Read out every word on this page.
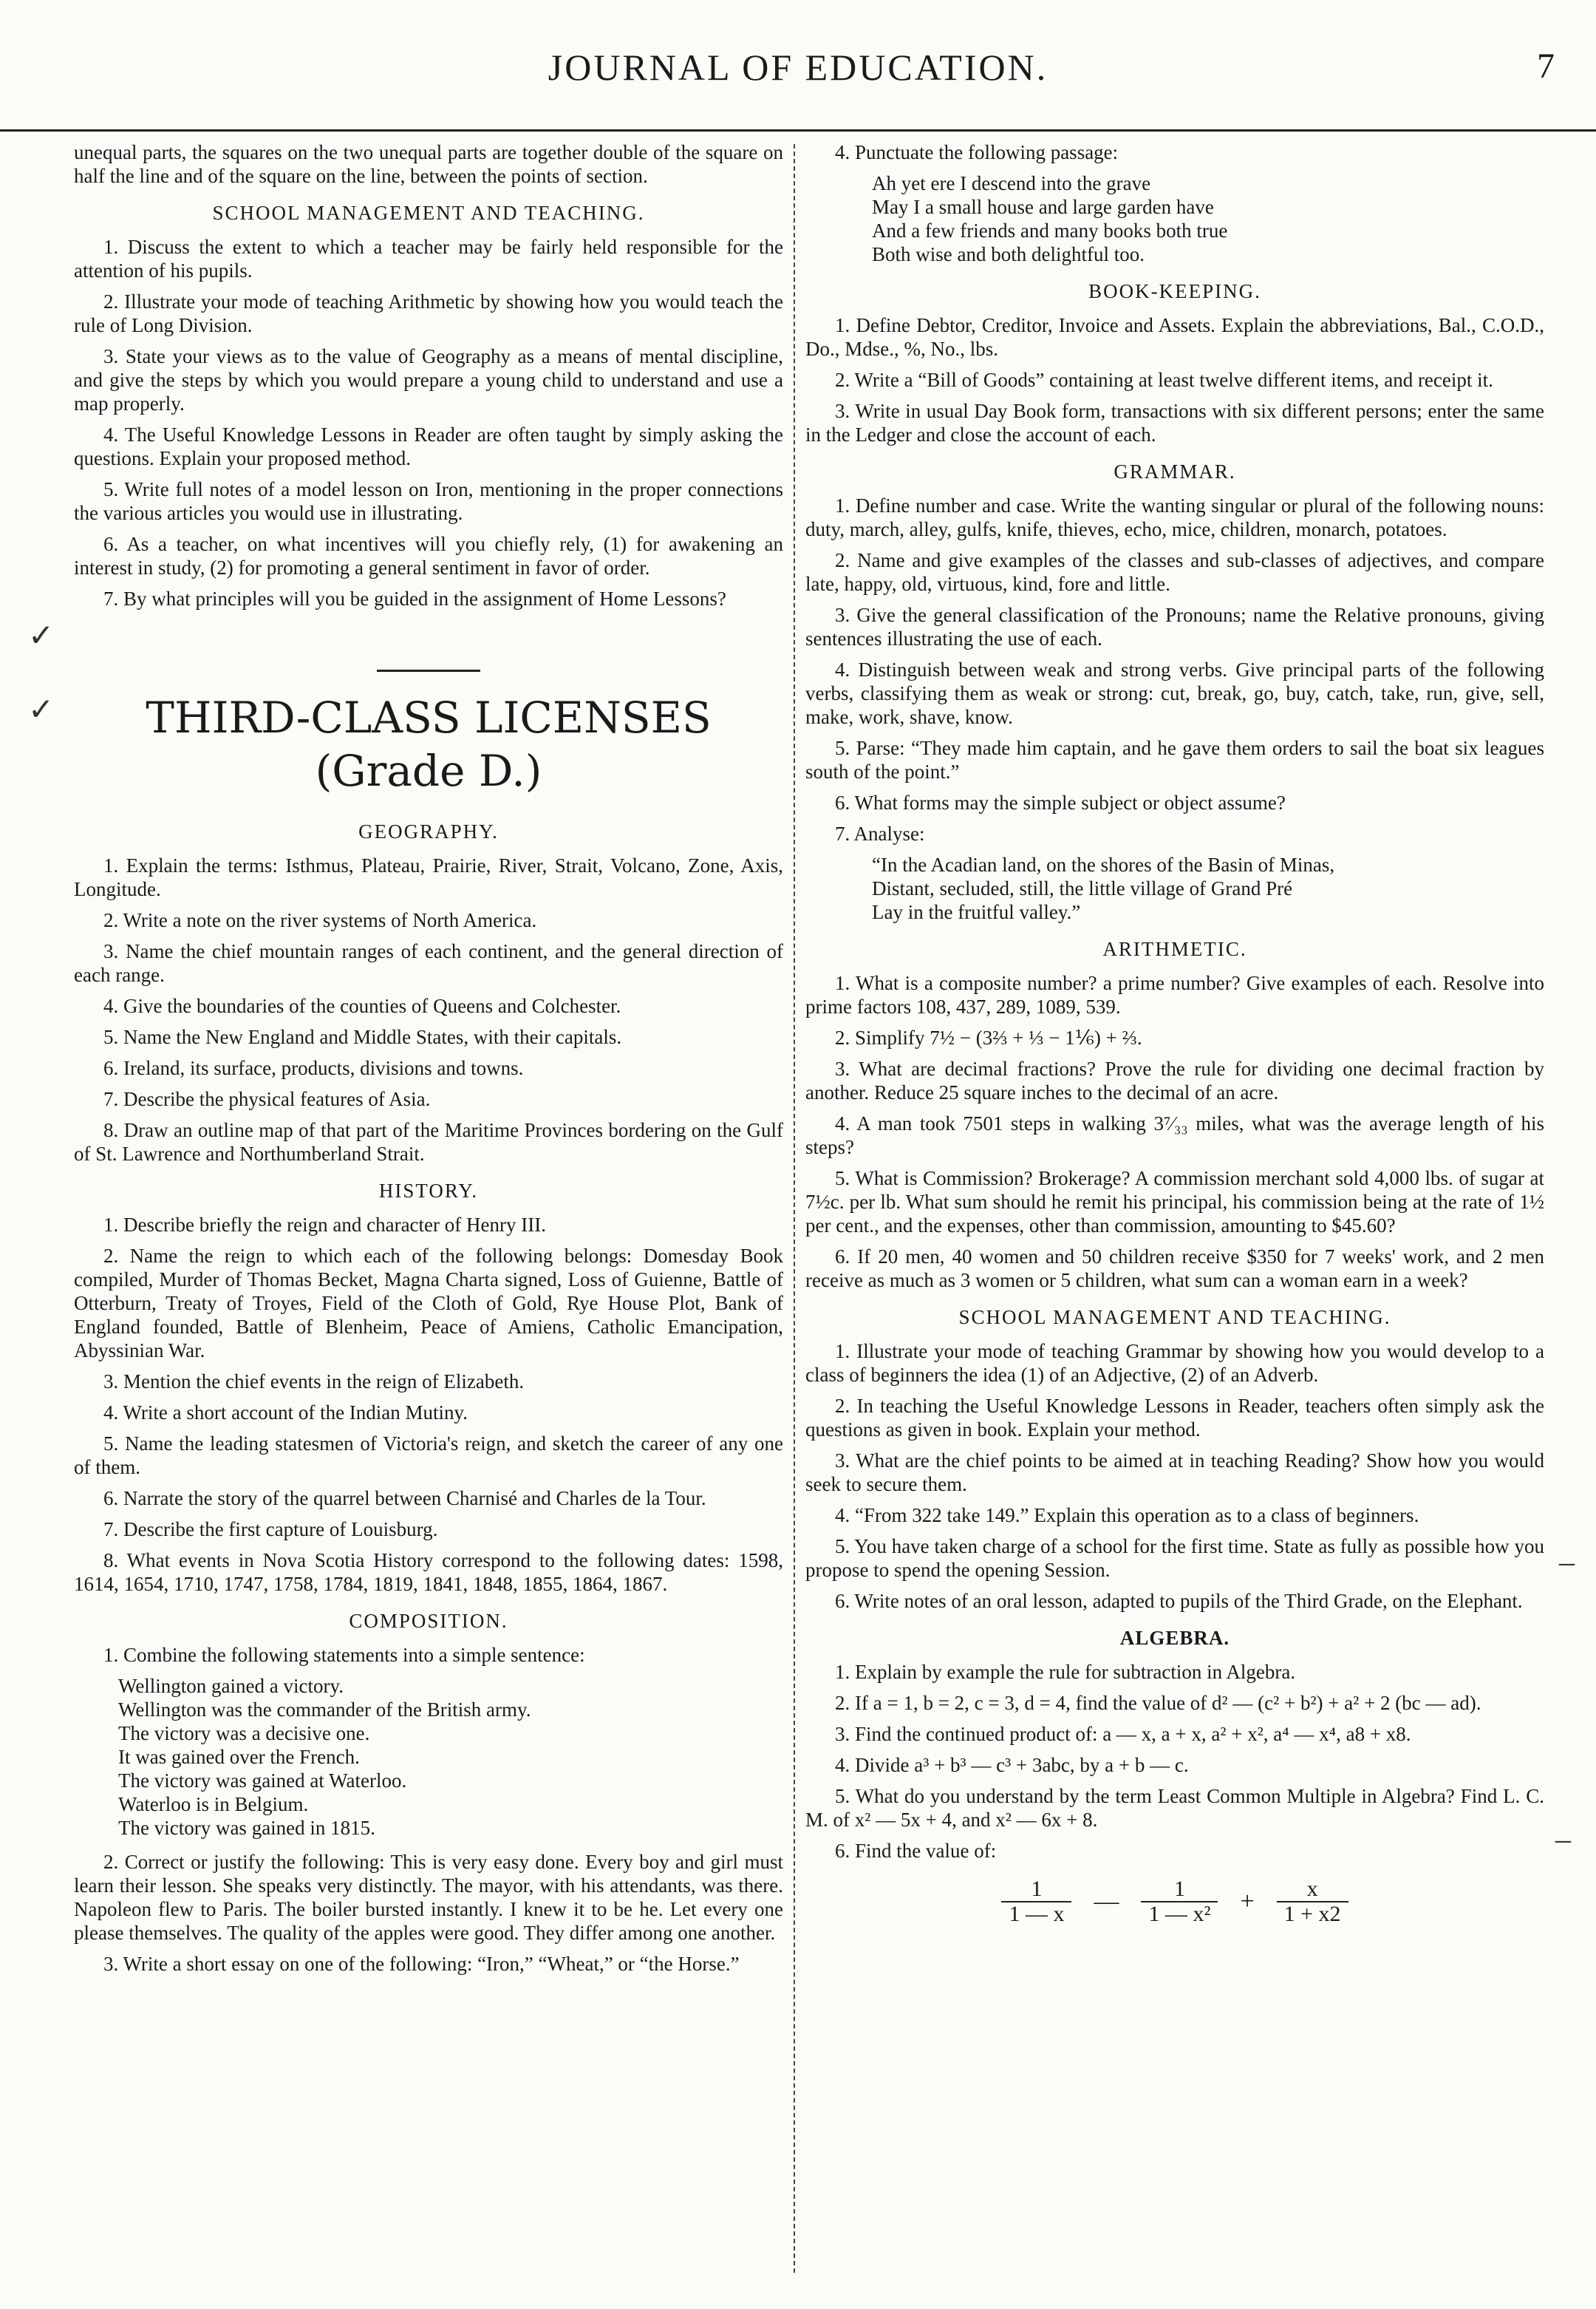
JOURNAL OF EDUCATION.	7

unequal parts, the squares on the two unequal parts are together double of the square on half the line and of the square on the line, between the points of section.

SCHOOL MANAGEMENT AND TEACHING.
1. Discuss the extent to which a teacher may be fairly held responsible for the attention of his pupils.
2. Illustrate your mode of teaching Arithmetic by showing how you would teach the rule of Long Division.
3. State your views as to the value of Geography as a means of mental discipline, and give the steps by which you would prepare a young child to understand and use a map properly.
4. The Useful Knowledge Lessons in Reader are often taught by simply asking the questions. Explain your proposed method.
5. Write full notes of a model lesson on Iron, mentioning in the proper connections the various articles you would use in illustrating.
6. As a teacher, on what incentives will you chiefly rely, (1) for awakening an interest in study, (2) for promoting a general sentiment in favor of order.
7. By what principles will you be guided in the assignment of Home Lessons?
THIRD-CLASS LICENSES (Grade D.)
GEOGRAPHY.
1. Explain the terms: Isthmus, Plateau, Prairie, River, Strait, Volcano, Zone, Axis, Longitude.
2. Write a note on the river systems of North America.
3. Name the chief mountain ranges of each continent, and the general direction of each range.
4. Give the boundaries of the counties of Queens and Colchester.
5. Name the New England and Middle States, with their capitals.
6. Ireland, its surface, products, divisions and towns.
7. Describe the physical features of Asia.
8. Draw an outline map of that part of the Maritime Provinces bordering on the Gulf of St. Lawrence and Northumberland Strait.
HISTORY.
1. Describe briefly the reign and character of Henry III.
2. Name the reign to which each of the following belongs: Domesday Book compiled, Murder of Thomas Becket, Magna Charta signed, Loss of Guienne, Battle of Otterburn, Treaty of Troyes, Field of the Cloth of Gold, Rye House Plot, Bank of England founded, Battle of Blenheim, Peace of Amiens, Catholic Emancipation, Abyssinian War.
3. Mention the chief events in the reign of Elizabeth.
4. Write a short account of the Indian Mutiny.
5. Name the leading statesmen of Victoria's reign, and sketch the career of any one of them.
6. Narrate the story of the quarrel between Charnisé and Charles de la Tour.
7. Describe the first capture of Louisburg.
8. What events in Nova Scotia History correspond to the following dates: 1598, 1614, 1654, 1710, 1747, 1758, 1784, 1819, 1841, 1848, 1855, 1864, 1867.
COMPOSITION.
1. Combine the following statements into a simple sentence:
Wellington gained a victory.
Wellington was the commander of the British army.
The victory was a decisive one.
It was gained over the French.
The victory was gained at Waterloo.
Waterloo is in Belgium.
The victory was gained in 1815.
2. Correct or justify the following: This is very easy done. Every boy and girl must learn their lesson. She speaks very distinctly. The mayor, with his attendants, was there. Napoleon flew to Paris. The boiler bursted instantly. I knew it to be he. Let every one please themselves. The quality of the apples were good. They differ among one another.
3. Write a short essay on one of the following: “Iron,” “Wheat,” or “the Horse.”
4. Punctuate the following passage:
Ah yet ere I descend into the grave
May I a small house and large garden have
And a few friends and many books both true
Both wise and both delightful too.
BOOK-KEEPING.
1. Define Debtor, Creditor, Invoice and Assets. Explain the abbreviations, Bal., C.O.D., Do., Mdse., %, No., lbs.
2. Write a “Bill of Goods” containing at least twelve different items, and receipt it.
3. Write in usual Day Book form, transactions with six different persons; enter the same in the Ledger and close the account of each.
GRAMMAR.
1. Define number and case. Write the wanting singular or plural of the following nouns: duty, march, alley, gulfs, knife, thieves, echo, mice, children, monarch, potatoes.
2. Name and give examples of the classes and sub-classes of adjectives, and compare late, happy, old, virtuous, kind, fore and little.
3. Give the general classification of the Pronouns; name the Relative pronouns, giving sentences illustrating the use of each.
4. Distinguish between weak and strong verbs. Give principal parts of the following verbs, classifying them as weak or strong: cut, break, go, buy, catch, take, run, give, sell, make, work, shave, know.
5. Parse: “They made him captain, and he gave them orders to sail the boat six leagues south of the point.”
6. What forms may the simple subject or object assume?
7. Analyse:
“In the Acadian land, on the shores of the Basin of Minas,
Distant, secluded, still, the little village of Grand Pré
Lay in the fruitful valley.”
ARITHMETIC.
1. What is a composite number? a prime number? Give examples of each. Resolve into prime factors 108, 437, 289, 1089, 539.
2. Simplify 7½ − (3⅔ + ⅓ − 1⅙) + ⅔.
3. What are decimal fractions? Prove the rule for dividing one decimal fraction by another. Reduce 25 square inches to the decimal of an acre.
4. A man took 7501 steps in walking 3⁷⁄₃₃ miles, what was the average length of his steps?
5. What is Commission? Brokerage? A commission merchant sold 4,000 lbs. of sugar at 7½c. per lb. What sum should he remit his principal, his commission being at the rate of 1½ per cent., and the expenses, other than commission, amounting to $45.60?
6. If 20 men, 40 women and 50 children receive $350 for 7 weeks' work, and 2 men receive as much as 3 women or 5 children, what sum can a woman earn in a week?
SCHOOL MANAGEMENT AND TEACHING.
1. Illustrate your mode of teaching Grammar by showing how you would develop to a class of beginners the idea (1) of an Adjective, (2) of an Adverb.
2. In teaching the Useful Knowledge Lessons in Reader, teachers often simply ask the questions as given in book. Explain your method.
3. What are the chief points to be aimed at in teaching Reading? Show how you would seek to secure them.
4. “From 322 take 149.” Explain this operation as to a class of beginners.
5. You have taken charge of a school for the first time. State as fully as possible how you propose to spend the opening Session.
6. Write notes of an oral lesson, adapted to pupils of the Third Grade, on the Elephant.
ALGEBRA.
1. Explain by example the rule for subtraction in Algebra.
2. If a = 1, b = 2, c = 3, d = 4, find the value of d² — (c² + b²) + a² + 2 (bc — ad).
3. Find the continued product of: a — x, a + x, a² + x², a⁴ — x⁴, a8 + x8.
4. Divide a³ + b³ — c³ + 3abc, by a + b — c.
5. What do you understand by the term Least Common Multiple in Algebra? Find L. C. M. of x² — 5x + 4, and x² — 6x + 8.
6. Find the value of:
$\frac{1}{1 — x}$ — $\frac{1}{\text{1 — x²}} + \frac{x}{1 + x2}$
✓
✓
–
–
